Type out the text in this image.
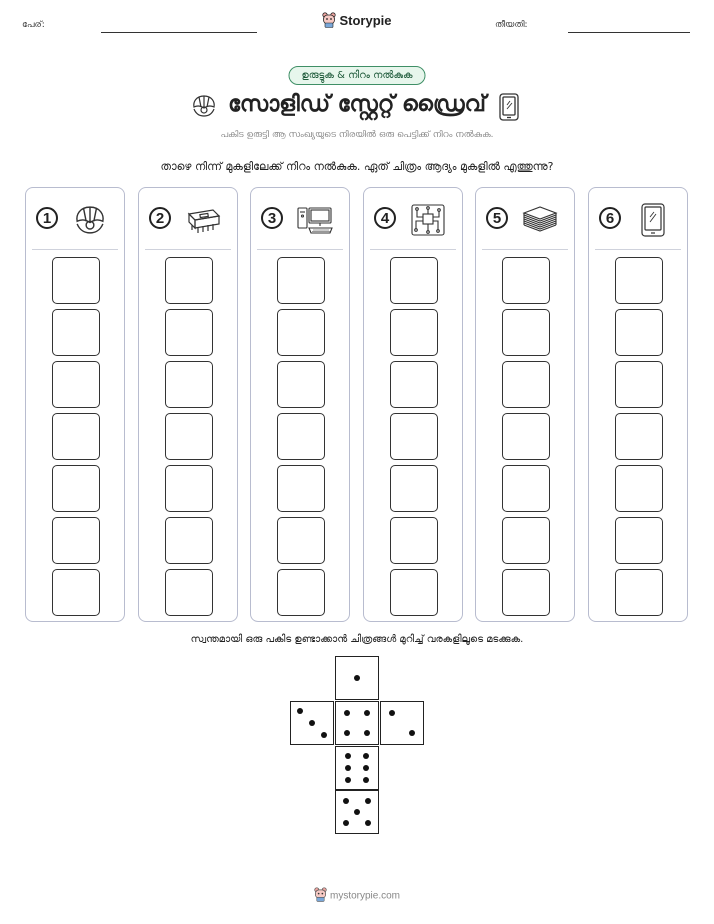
പേര്:	Storypie	തീയതി:
ഉരുട്ടുക & നിറം നൽകുക
സോളിഡ് സ്റ്റേറ്റ് ഡ്രൈവ്
പകിട ഉരുട്ടി ആ സംഖ്യയുടെ നിരയിൽ ഒരു പെട്ടിക്ക് നിറം നൽകുക.
താഴെ നിന്ന് മുകളിലേക്ക് നിറം നൽകുക. ഏത് ചിത്രം ആദ്യം മുകളിൽ എത്തുന്നു?
1	2	3	4	5	6
സ്വന്തമായി ഒരു പകിട ഉണ്ടാക്കാൻ ചിത്രങ്ങൾ മുറിച്ച് വരകളിലൂടെ മടക്കുക.
mystorypie.com
